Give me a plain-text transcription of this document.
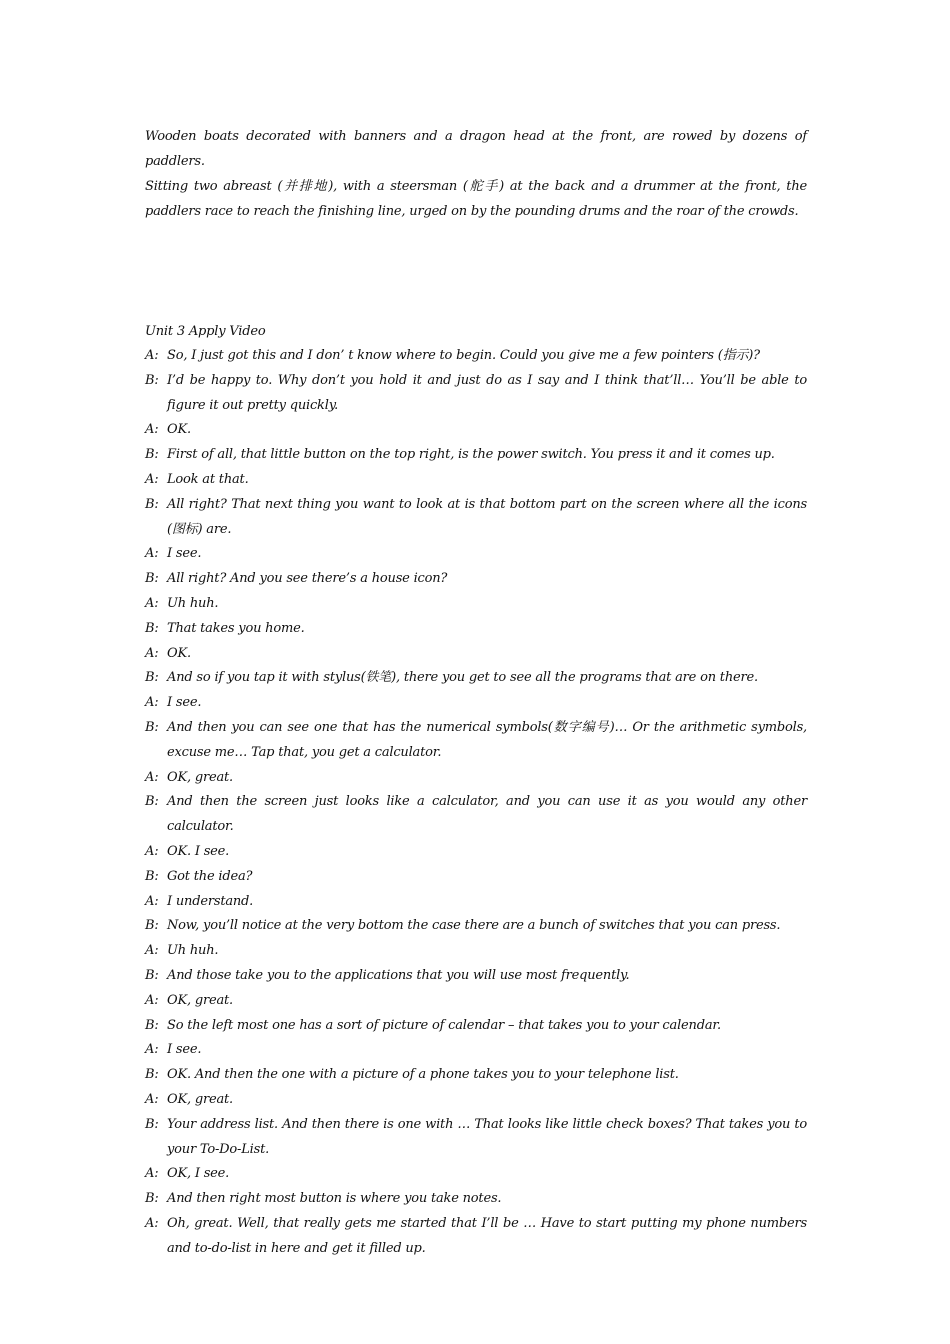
Wooden boats decorated with banners and a dragon head at the front, are rowed by dozens of paddlers.

Sitting two abreast (并排地), with a steersman (舵手) at the back and a drummer at the front, the paddlers race to reach the finishing line, urged on by the pounding drums and the roar of the crowds.

Unit 3 Apply Video
A: So, I just got this and I don’ t know where to begin. Could you give me a few pointers (指示)?
B: I’d be happy to. Why don’t you hold it and just do as I say and I think that’ll… You’ll be able to figure it out pretty quickly.
A: OK.
B: First of all, that little button on the top right, is the power switch. You press it and it comes up.
A: Look at that.
B: All right? That next thing you want to look at is that bottom part on the screen where all the icons (图标) are.
A: I see.
B: All right? And you see there’s a house icon?
A: Uh huh.
B: That takes you home.
A: OK.
B: And so if you tap it with stylus(铁笔), there you get to see all the programs that are on there.
A: I see.
B: And then you can see one that has the numerical symbols(数字编号)… Or the arithmetic symbols, excuse me… Tap that, you get a calculator.
A: OK, great.
B: And then the screen just looks like a calculator, and you can use it as you would any other calculator.
A: OK. I see.
B: Got the idea?
A: I understand.
B: Now, you’ll notice at the very bottom the case there are a bunch of switches that you can press.
A: Uh huh.
B: And those take you to the applications that you will use most frequently.
A: OK, great.
B: So the left most one has a sort of picture of calendar – that takes you to your calendar.
A: I see.
B: OK. And then the one with a picture of a phone takes you to your telephone list.
A: OK, great.
B: Your address list. And then there is one with … That looks like little check boxes? That takes you to your To-Do-List.
A: OK, I see.
B: And then right most button is where you take notes.
A: Oh, great. Well, that really gets me started that I’ll be … Have to start putting my phone numbers and to-do-list in here and get it filled up.
